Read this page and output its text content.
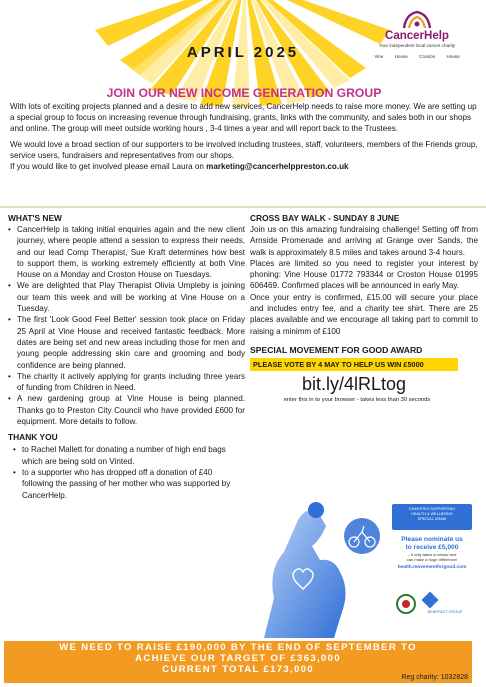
APRIL 2025
CancerHelp
Your independent local cancer charity
Vine House Croston House
JOIN OUR NEW INCOME GENERATION GROUP

With lots of exciting projects planned and a desire to add new services, CancerHelp needs to raise more money. We are setting up a special group to focus on increasing revenue through fundraising, grants, links with the community, and sales both in our shops and online. The group will meet outside working hours , 3-4 times a year and will report back to the Trustees.

We would love a broad section of our supporters to be involved including trustees, staff, volunteers, members of the Friends group, service users, fundraisers and representatives from our shops.

If you would like to get involved please email Laura on marketing@cancerhelppreston.co.uk

WHAT'S NEW
• CancerHelp is taking initial enquiries again and the new client journey, where people attend a session to express their needs, and our lead Comp Therapist, Sue Kraft determines how best to support them, is working extremely efficiently at both Vine House on a Monday and Croston House on Tuesdays.
• We are delighted that Play Therapist Olivia Umpleby is joining our team this week and will be working at Vine House on a Tuesday.
• The first 'Look Good Feel Better' session took place on Friday 25 April at Vine House and received fantastic feedback. More dates are being set and new areas including those for men and young people addressing skin care and grooming and body confidence are being planned.
• The charity it actively applying for grants including three years of funding from Children in Need.
• A new gardening group at Vine House is being planned. Thanks go to Preston City Council who have provided £600 for equipment. More details to follow.
THANK YOU
• to Rachel Mallett for donating a number of high end bags which are being sold on Vinted.
• to a supporter who has dropped off a donation of £40 following the passing of her mother who was supported by CancerHelp.
CROSS BAY WALK - SUNDAY 8 JUNE

Join us on this amazing fundraising challenge! Setting off from Arnside Promenade and arriving at Grange over Sands, the walk is approximately 8.5 miles and takes around 3-4 hours.

Places are limited so you need to register your interest by phoning: Vine House 01772 793344 or Croston House 01995 606469. Confirmed places will be announced in early May.

Once your entry is confirmed, £15.00 will secure your place and includes entry fee, and a charity tee shirt. There are 25 places available and we encourage all taking part to commit to raising a minimm of £100

SPECIAL MOVEMENT FOR GOOD AWARD
PLEASE VOTE BY 4 MAY TO HELP US WIN £5000
bit.ly/4lRLtog
enter this in to your browser - takes less than 30 seconds
CHARITIES SUPPORTING
HEALTH & WELLBEING
SPECIAL DRAW
Please nominate us
to receive £5,000
– it only takes a minute and
can make a huge difference!
health.movementforgood.com
BENEFACT GROUP
WE NEED TO RAISE £190,000 BY THE END OF SEPTEMBER TO
ACHIEVE OUR TARGET OF £363,000
CURRENT TOTAL £173,000
Reg charity: 1032828
